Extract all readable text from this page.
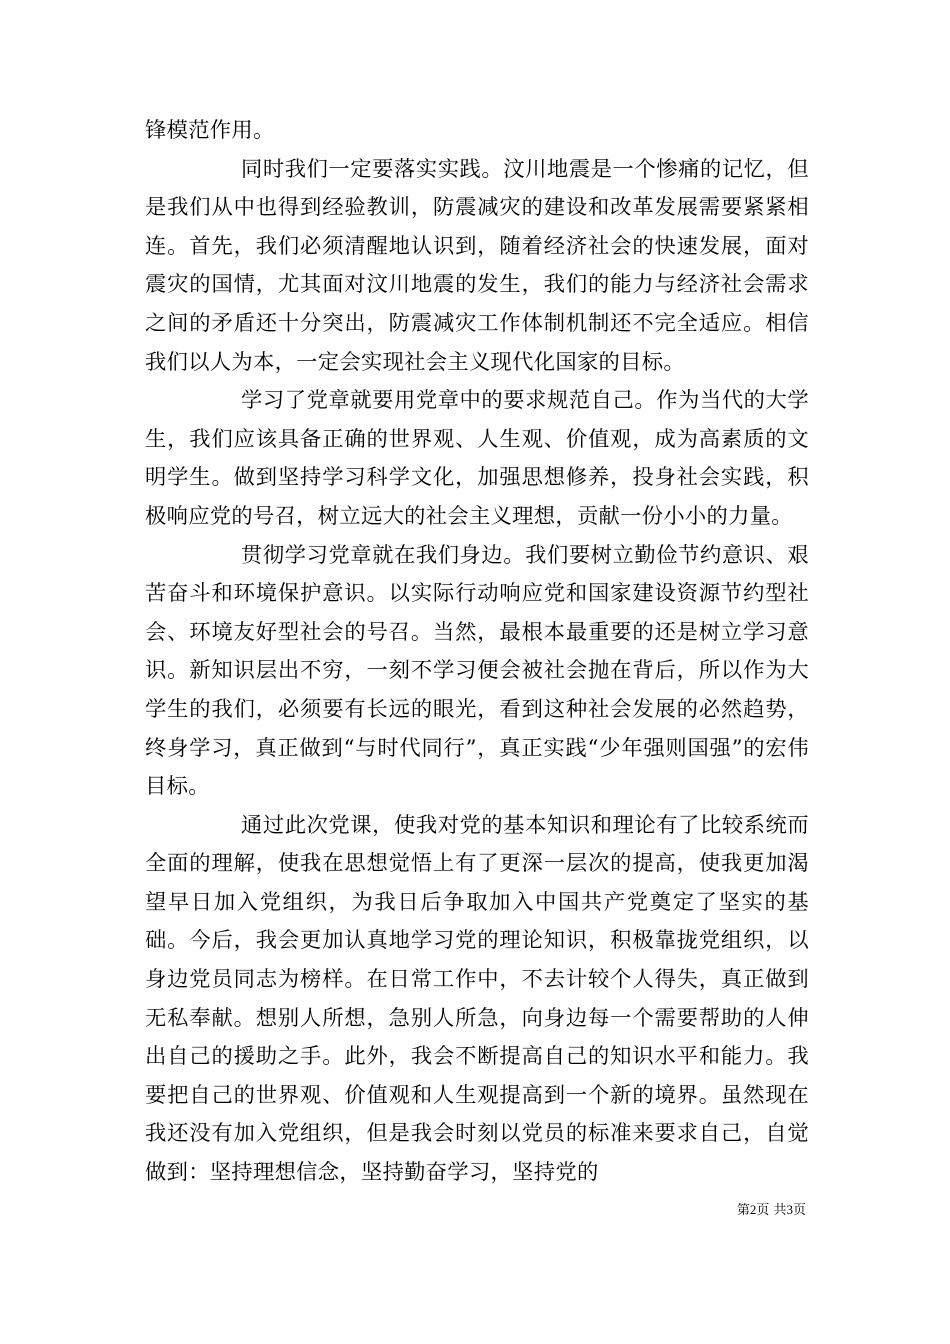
锋模范作用。

同时我们一定要落实实践。汶川地震是一个惨痛的记忆，但是我们从中也得到经验教训，防震减灾的建设和改革发展需要紧紧相连。首先，我们必须清醒地认识到，随着经济社会的快速发展，面对震灾的国情，尤其面对汶川地震的发生，我们的能力与经济社会需求之间的矛盾还十分突出，防震减灾工作体制机制还不完全适应。相信我们以人为本，一定会实现社会主义现代化国家的目标。

学习了党章就要用党章中的要求规范自己。作为当代的大学生，我们应该具备正确的世界观、人生观、价值观，成为高素质的文明学生。做到坚持学习科学文化，加强思想修养，投身社会实践，积极响应党的号召，树立远大的社会主义理想，贡献一份小小的力量。

贯彻学习党章就在我们身边。我们要树立勤俭节约意识、艰苦奋斗和环境保护意识。以实际行动响应党和国家建设资源节约型社会、环境友好型社会的号召。当然，最根本最重要的还是树立学习意识。新知识层出不穷，一刻不学习便会被社会抛在背后，所以作为大学生的我们，必须要有长远的眼光，看到这种社会发展的必然趋势，终身学习，真正做到“与时代同行”，真正实践“少年强则国强”的宏伟目标。

通过此次党课，使我对党的基本知识和理论有了比较系统而全面的理解，使我在思想觉悟上有了更深一层次的提高，使我更加渴望早日加入党组织，为我日后争取加入中国共产党奠定了坚实的基础。今后，我会更加认真地学习党的理论知识，积极靠拢党组织，以身边党员同志为榜样。在日常工作中，不去计较个人得失，真正做到无私奉献。想别人所想，急别人所急，向身边每一个需要帮助的人伸出自己的援助之手。此外，我会不断提高自己的知识水平和能力。我要把自己的世界观、价值观和人生观提高到一个新的境界。虽然现在我还没有加入党组织，但是我会时刻以党员的标准来要求自己，自觉做到：坚持理想信念，坚持勤奋学习，坚持党的

第2页 共3页
